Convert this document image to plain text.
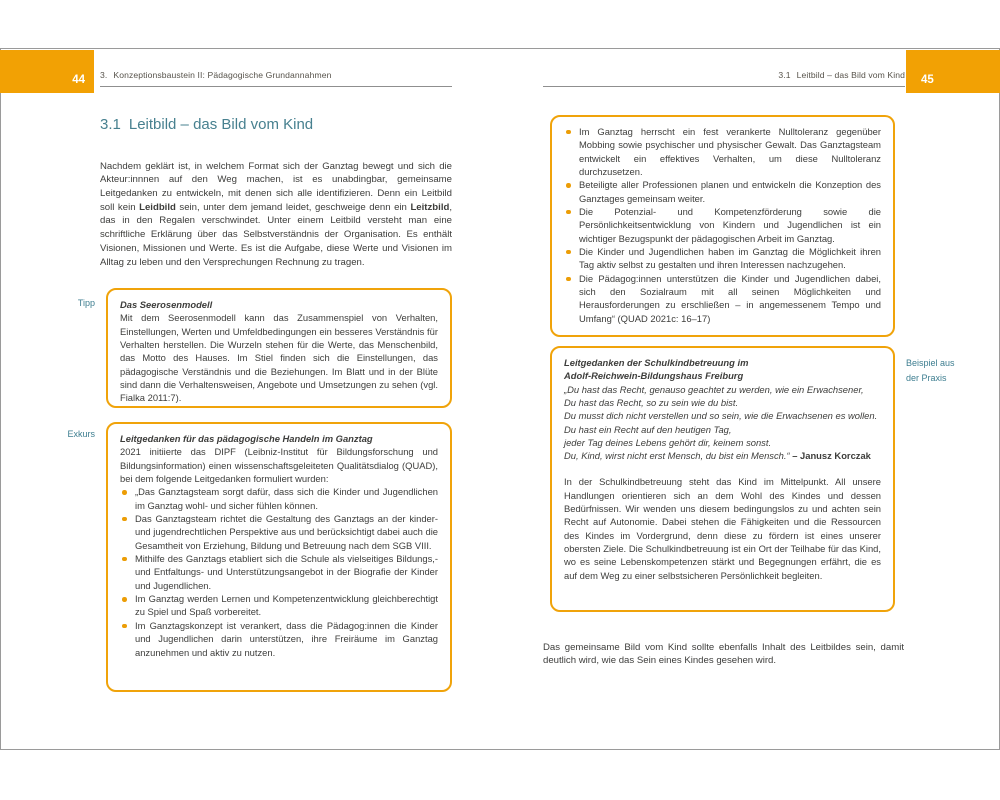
44	45
3. Konzeptionsbaustein II: Pädagogische Grundannahmen	3.1 Leitbild – das Bild vom Kind
3.1 Leitbild – das Bild vom Kind

Nachdem geklärt ist, in welchem Format sich der Ganztag bewegt und sich die Akteur:innnen auf den Weg machen, ist es unabdingbar, gemeinsame Leitgedanken zu entwickeln, mit denen sich alle identifizieren. Denn ein Leitbild soll kein Leidbild sein, unter dem jemand leidet, geschweige denn ein Leitzbild, das in den Regalen verschwindet. Unter einem Leitbild versteht man eine schriftliche Erklärung über das Selbstverständnis der Organisation. Es enthält Visionen, Missionen und Werte. Es ist die Aufgabe, diese Werte und Visionen im Alltag zu leben und den Versprechungen Rechnung zu tragen.

Tipp
Exkurs
Das Seerosenmodell
Mit dem Seerosenmodell kann das Zusammenspiel von Verhalten, Einstellungen, Werten und Umfeldbedingungen ein besseres Verständnis für Verhalten herstellen. Die Wurzeln stehen für die Werte, das Menschenbild, das Motto des Hauses. Im Stiel finden sich die Einstellungen, das pädagogische Verständnis und die Beziehungen. Im Blatt und in der Blüte sind dann die Verhaltensweisen, Angebote und Umsetzungen zu sehen (vgl. Fialka 2011:7).
Leitgedanken für das pädagogische Handeln im Ganztag
2021 initiierte das DIPF (Leibniz-Institut für Bildungsforschung und Bildungsinformation) einen wissenschaftsgeleiteten Qualitätsdialog (QUAD), bei dem folgende Leitgedanken formuliert wurden:
„Das Ganztagsteam sorgt dafür, dass sich die Kinder und Jugendlichen im Ganztag wohl- und sicher fühlen können.
Das Ganztagsteam richtet die Gestaltung des Ganztags an der kinder- und jugendrechtlichen Perspektive aus und berücksichtigt dabei auch die Gesamtheit von Erziehung, Bildung und Betreuung nach dem SGB VIII.
Mithilfe des Ganztags etabliert sich die Schule als vielseitiges Bildungs,- und Entfaltungs- und Unterstützungsangebot in der Biografie der Kinder und Jugendlichen.
Im Ganztag werden Lernen und Kompetenzentwicklung gleichberechtigt zu Spiel und Spaß vorbereitet.
Im Ganztagskonzept ist verankert, dass die Pädagog:innen die Kinder und Jugendlichen darin unterstützen, ihre Freiräume im Ganztag anzunehmen und aktiv zu nutzen.
Im Ganztag herrscht ein fest verankerte Nulltoleranz gegenüber Mobbing sowie psychischer und physischer Gewalt. Das Ganztagsteam entwickelt ein effektives Verhalten, um diese Nulltoleranz durchzusetzen.
Beteiligte aller Professionen planen und entwickeln die Konzeption des Ganztages gemeinsam weiter.
Die Potenzial- und Kompetenzförderung sowie die Persönlichkeitsentwicklung von Kindern und Jugendlichen ist ein wichtiger Bezugspunkt der pädagogischen Arbeit im Ganztag.
Die Kinder und Jugendlichen haben im Ganztag die Möglichkeit ihren Tag aktiv selbst zu gestalten und ihren Interessen nachzugehen.
Die Pädagog:innen unterstützen die Kinder und Jugendlichen dabei, sich den Sozialraum mit all seinen Möglichkeiten und Herausforderungen zu erschließen – in angemessenem Tempo und Umfang“ (QUAD 2021c: 16–17)
Beispiel aus
der Praxis
Leitgedanken der Schulkindbetreuung im
Adolf-Reichwein-Bildungshaus Freiburg
„Du hast das Recht, genauso geachtet zu werden, wie ein Erwachsener,
Du hast das Recht, so zu sein wie du bist.
Du musst dich nicht verstellen und so sein, wie die Erwachsenen es wollen.
Du hast ein Recht auf den heutigen Tag,
jeder Tag deines Lebens gehört dir, keinem sonst.
Du, Kind, wirst nicht erst Mensch, du bist ein Mensch.“ – Janusz Korczak
In der Schulkindbetreuung steht das Kind im Mittelpunkt. All unsere Handlungen orientieren sich an dem Wohl des Kindes und dessen Bedürfnissen. Wir wenden uns diesem bedingungslos zu und achten sein Recht auf Autonomie. Dabei stehen die Fähigkeiten und die Ressourcen des Kindes im Vordergrund, denn diese zu fördern ist eines unserer obersten Ziele. Die Schulkindbetreuung ist ein Ort der Teilhabe für das Kind, wo es seine Lebenskompetenzen stärkt und Begegnungen erfährt, die es auf dem Weg zu einer selbstsicheren Persönlichkeit begleiten.

Das gemeinsame Bild vom Kind sollte ebenfalls Inhalt des Leitbildes sein, damit deutlich wird, wie das Sein eines Kindes gesehen wird.
